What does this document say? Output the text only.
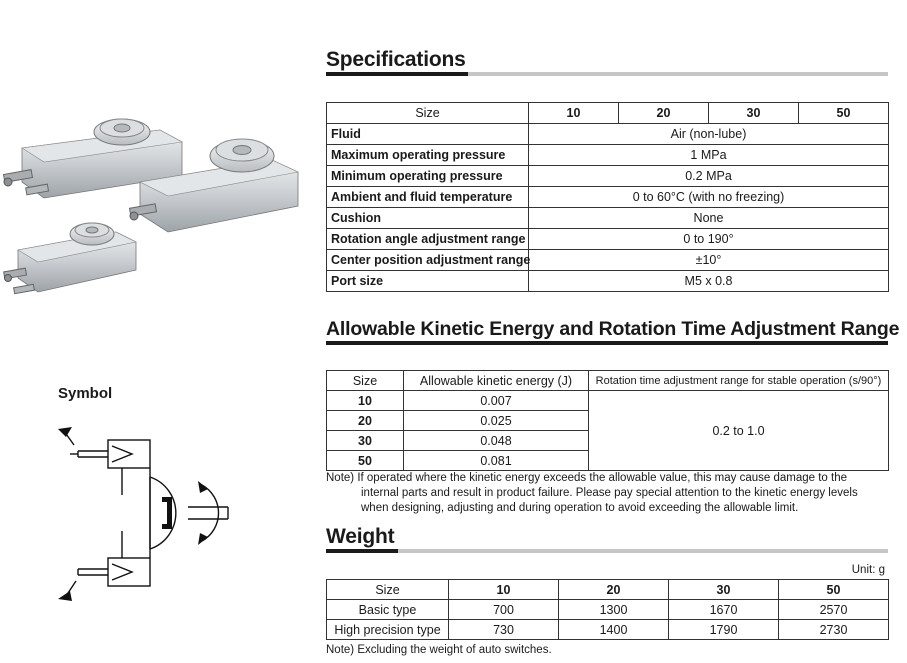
Symbol
Specifications
Size	10	20	30	50
Fluid	Air (non-lube)			
Maximum operating pressure	1 MPa			
Minimum operating pressure	0.2 MPa			
Ambient and fluid temperature	0 to 60°C (with no freezing)			
Cushion	None			
Rotation angle adjustment range	0 to 190°			
Center position adjustment range	±10°			
Port size	M5 x 0.8			
Allowable Kinetic Energy and Rotation Time Adjustment Range
Size	Allowable kinetic energy (J)	Rotation time adjustment range for stable operation (s/90°)
10	0.007	0.2 to 1.0
20	0.025	
30	0.048	
50	0.081	
Note) If operated where the kinetic energy exceeds the allowable value, this may cause damage to the
internal parts and result in product failure. Please pay special attention to the kinetic energy levels
when designing, adjusting and during operation to avoid exceeding the allowable limit.
Weight
Unit: g
Size	10	20	30	50
Basic type	700	1300	1670	2570
High precision type	730	1400	1790	2730
Note) Excluding the weight of auto switches.
